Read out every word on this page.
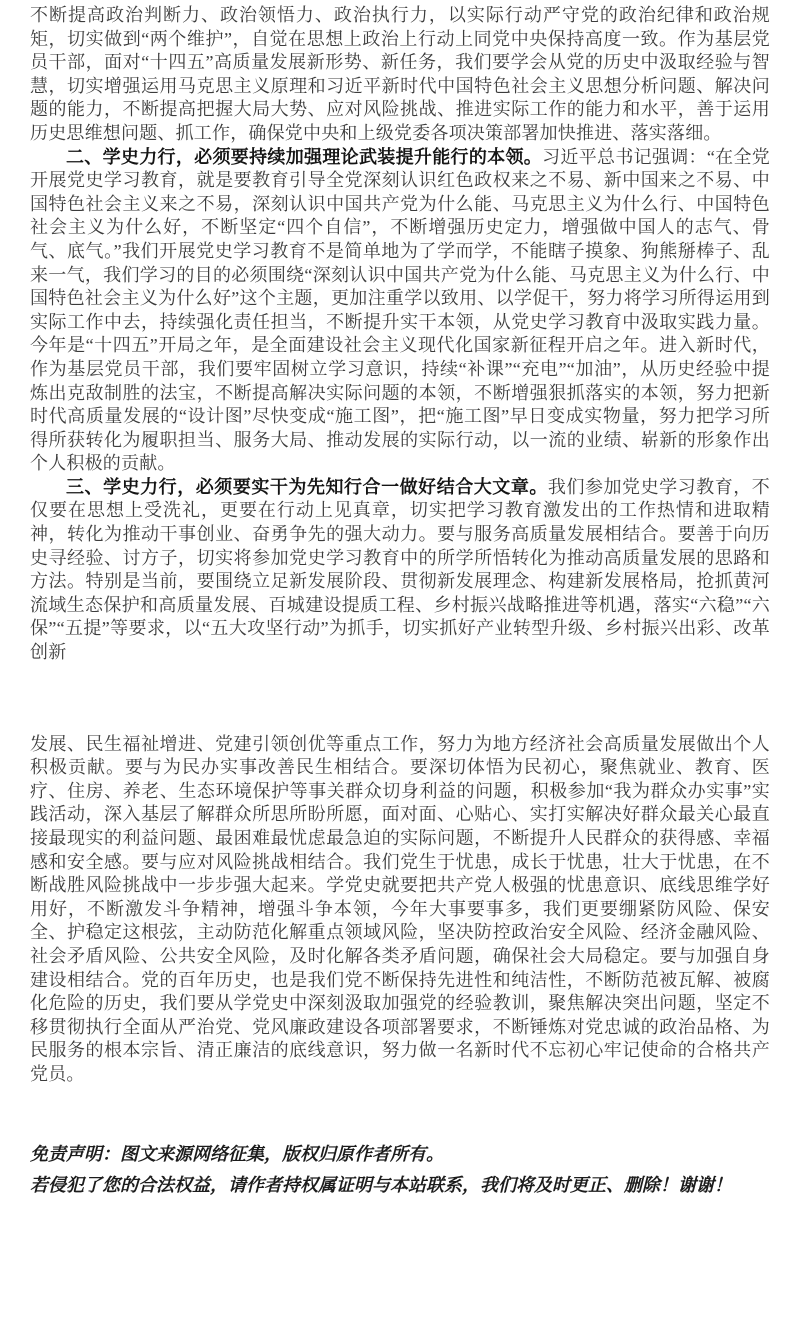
不断提高政治判断力、政治领悟力、政治执行力，以实际行动严守党的政治纪律和政治规矩，切实做到“两个维护”，自觉在思想上政治上行动上同党中央保持高度一致。作为基层党员干部，面对“十四五”高质量发展新形势、新任务，我们要学会从党的历史中汲取经验与智慧，切实增强运用马克思主义原理和习近平新时代中国特色社会主义思想分析问题、解决问题的能力，不断提高把握大局大势、应对风险挑战、推进实际工作的能力和水平，善于运用历史思维想问题、抓工作，确保党中央和上级党委各项决策部署加快推进、落实落细。

二、学史力行，必须要持续加强理论武装提升能行的本领。习近平总书记强调：“在全党开展党史学习教育，就是要教育引导全党深刻认识红色政权来之不易、新中国来之不易、中国特色社会主义来之不易，深刻认识中国共产党为什么能、马克思主义为什么行、中国特色社会主义为什么好，不断坚定“四个自信”，不断增强历史定力，增强做中国人的志气、骨气、底气。”我们开展党史学习教育不是简单地为了学而学，不能瞎子摸象、狗熊掰棒子、乱来一气，我们学习的目的必须围绕“深刻认识中国共产党为什么能、马克思主义为什么行、中国特色社会主义为什么好”这个主题，更加注重学以致用、以学促干，努力将学习所得运用到实际工作中去，持续强化责任担当，不断提升实干本领，从党史学习教育中汲取实践力量。今年是“十四五”开局之年，是全面建设社会主义现代化国家新征程开启之年。进入新时代，作为基层党员干部，我们要牢固树立学习意识，持续“补课”“充电”“加油”，从历史经验中提炼出克敌制胜的法宝，不断提高解决实际问题的本领，不断增强狠抓落实的本领，努力把新时代高质量发展的“设计图”尽快变成“施工图”，把“施工图”早日变成实物量，努力把学习所得所获转化为履职担当、服务大局、推动发展的实际行动，以一流的业绩、崭新的形象作出个人积极的贡献。

三、学史力行，必须要实干为先知行合一做好结合大文章。我们参加党史学习教育，不仅要在思想上受洗礼，更要在行动上见真章，切实把学习教育激发出的工作热情和进取精神，转化为推动干事创业、奋勇争先的强大动力。要与服务高质量发展相结合。要善于向历史寻经验、讨方子，切实将参加党史学习教育中的所学所悟转化为推动高质量发展的思路和方法。特别是当前，要围绕立足新发展阶段、贯彻新发展理念、构建新发展格局，抢抓黄河流域生态保护和高质量发展、百城建设提质工程、乡村振兴战略推进等机遇，落实“六稳”“六保”“五提”等要求，以“五大攻坚行动”为抓手，切实抓好产业转型升级、乡村振兴出彩、改革创新

发展、民生福祉增进、党建引领创优等重点工作，努力为地方经济社会高质量发展做出个人积极贡献。要与为民办实事改善民生相结合。要深切体悟为民初心，聚焦就业、教育、医疗、住房、养老、生态环境保护等事关群众切身利益的问题，积极参加“我为群众办实事”实践活动，深入基层了解群众所思所盼所愿，面对面、心贴心、实打实解决好群众最关心最直接最现实的利益问题、最困难最忧虑最急迫的实际问题，不断提升人民群众的获得感、幸福感和安全感。要与应对风险挑战相结合。我们党生于忧患，成长于忧患，壮大于忧患，在不断战胜风险挑战中一步步强大起来。学党史就要把共产党人极强的忧患意识、底线思维学好用好，不断激发斗争精神，增强斗争本领，今年大事要事多，我们更要绷紧防风险、保安全、护稳定这根弦，主动防范化解重点领域风险，坚决防控政治安全风险、经济金融风险、社会矛盾风险、公共安全风险，及时化解各类矛盾问题，确保社会大局稳定。要与加强自身建设相结合。党的百年历史，也是我们党不断保持先进性和纯洁性，不断防范被瓦解、被腐化危险的历史，我们要从学党史中深刻汲取加强党的经验教训，聚焦解决突出问题，坚定不移贯彻执行全面从严治党、党风廉政建设各项部署要求，不断锤炼对党忠诚的政治品格、为民服务的根本宗旨、清正廉洁的底线意识，努力做一名新时代不忘初心牢记使命的合格共产党员。

免责声明：图文来源网络征集，版权归原作者所有。

若侵犯了您的合法权益，请作者持权属证明与本站联系，我们将及时更正、删除！谢谢！
